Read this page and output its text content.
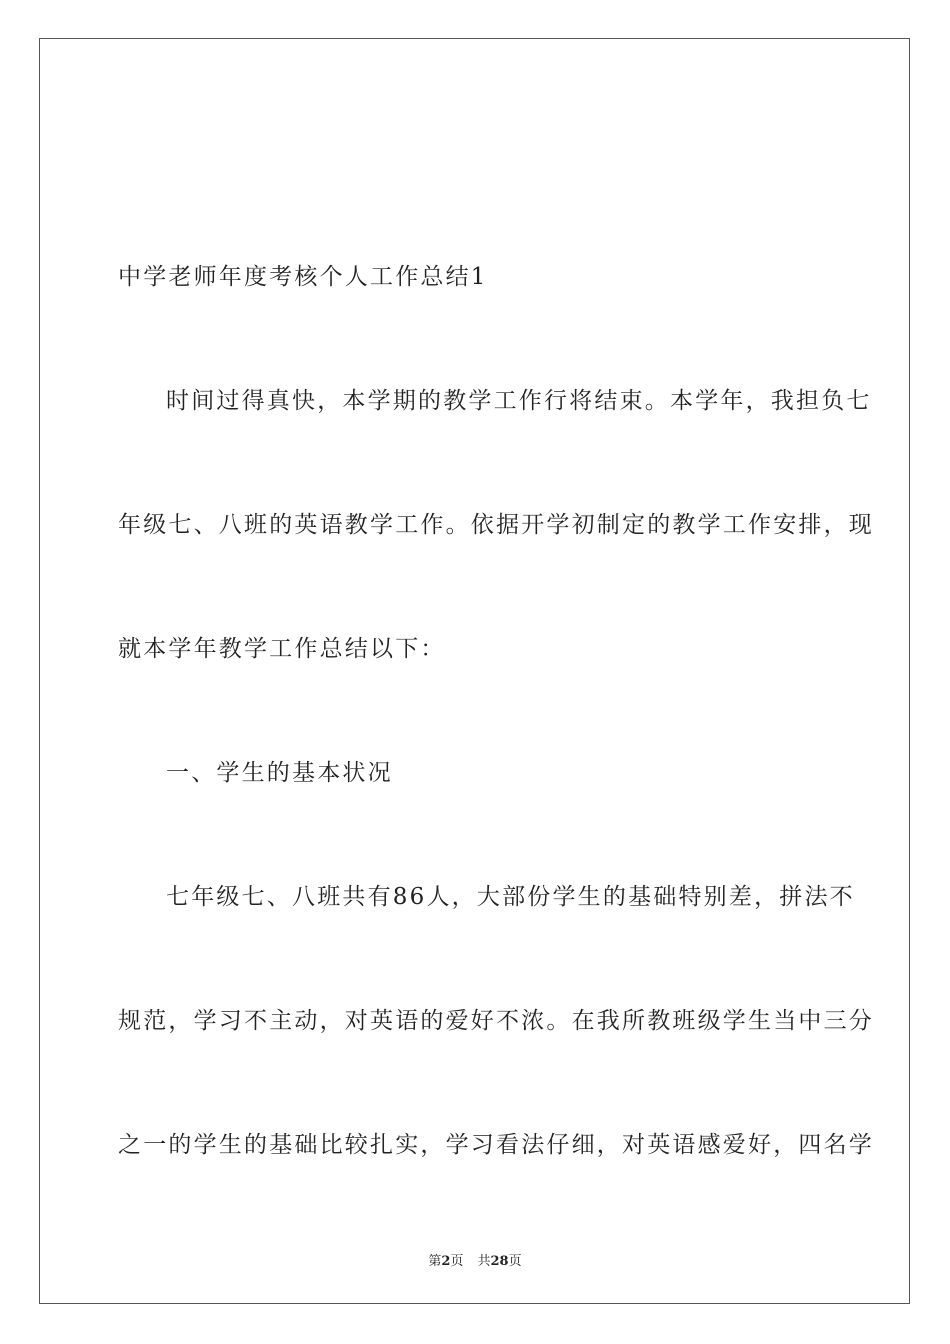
中学老师年度考核个人工作总结1
时间过得真快，本学期的教学工作行将结束。本学年，我担负七
年级七、八班的英语教学工作。依据开学初制定的教学工作安排，现
就本学年教学工作总结以下：
一、学生的基本状况
七年级七、八班共有86人，大部份学生的基础特别差，拼法不
规范，学习不主动，对英语的爱好不浓。在我所教班级学生当中三分
之一的学生的基础比较扎实，学习看法仔细，对英语感爱好，四名学
第2页 共28页
